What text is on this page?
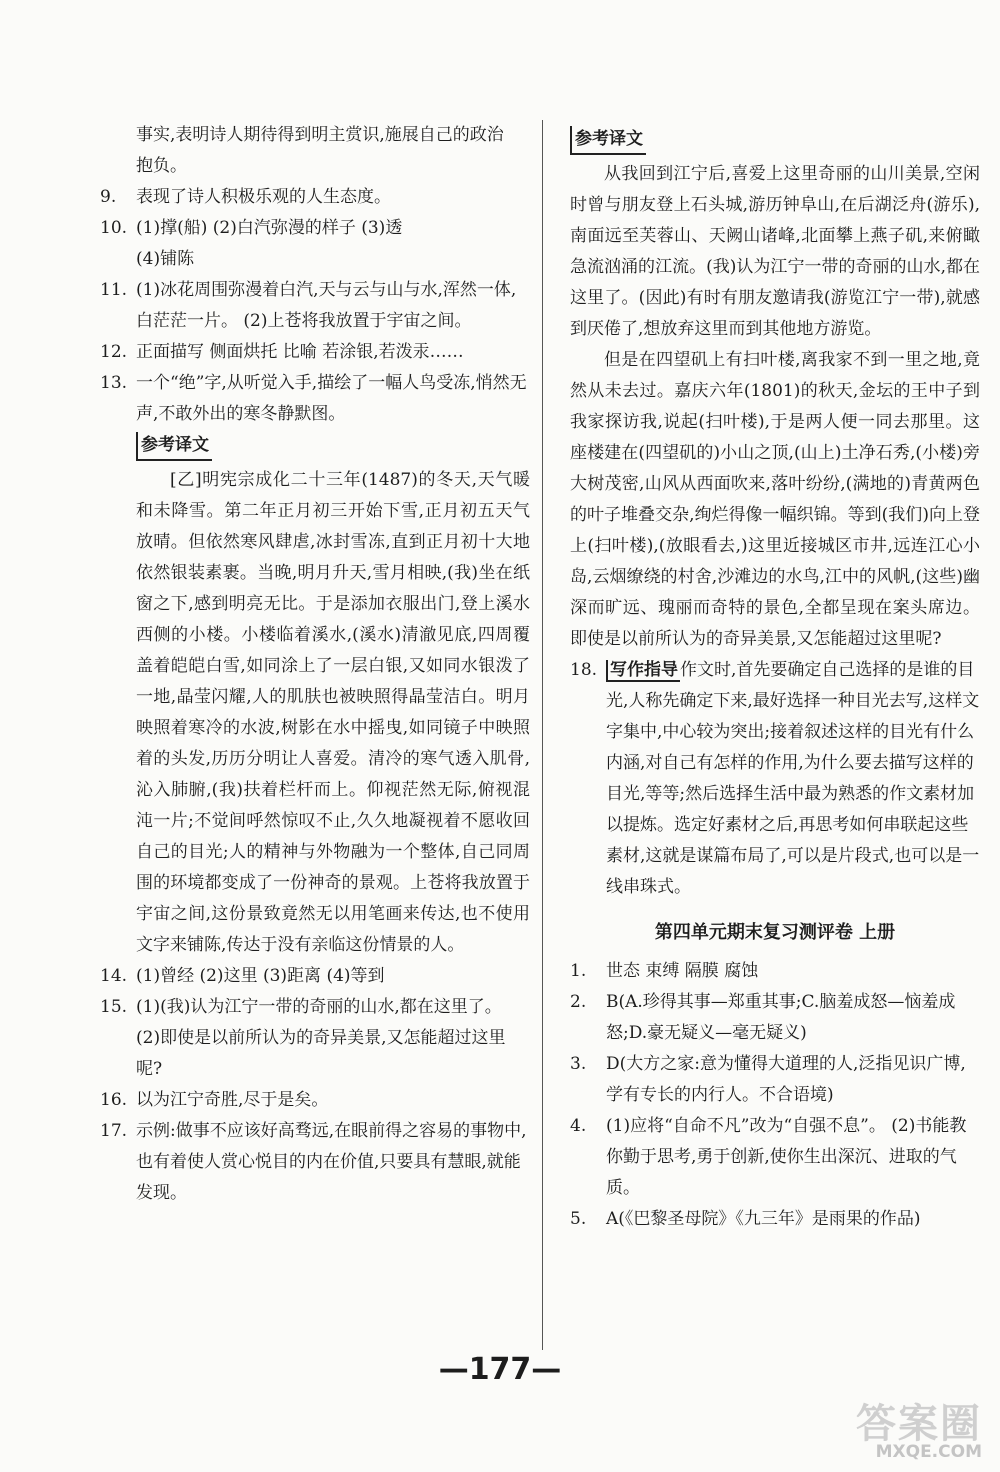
事实,表明诗人期待得到明主赏识,施展自己的政治

抱负。

9. 表现了诗人积极乐观的人生态度。
10. (1)撑(船) (2)白汽弥漫的样子 (3)透
(4)铺陈
11. (1)冰花周围弥漫着白汽,天与云与山与水,浑然一体,白茫茫一片。 (2)上苍将我放置于宇宙之间。
12. 正面描写 侧面烘托 比喻 若涂银,若泼汞……
13. 一个“绝”字,从听觉入手,描绘了一幅人鸟受冻,悄然无声,不敢外出的寒冬静默图。
参考译文

[乙]明宪宗成化二十三年(1487)的冬天,天气暖和未降雪。第二年正月初三开始下雪,正月初五天气放晴。但依然寒风肆虐,冰封雪冻,直到正月初十大地依然银装素裹。当晚,明月升天,雪月相映,(我)坐在纸窗之下,感到明亮无比。于是添加衣服出门,登上溪水西侧的小楼。小楼临着溪水,(溪水)清澈见底,四周覆盖着皑皑白雪,如同涂上了一层白银,又如同水银泼了一地,晶莹闪耀,人的肌肤也被映照得晶莹洁白。明月映照着寒冷的水波,树影在水中摇曳,如同镜子中映照着的头发,历历分明让人喜爱。清冷的寒气透入肌骨,沁入肺腑,(我)扶着栏杆而上。仰视茫然无际,俯视混沌一片;不觉间呼然惊叹不止,久久地凝视着不愿收回自己的目光;人的精神与外物融为一个整体,自己同周围的环境都变成了一份神奇的景观。上苍将我放置于宇宙之间,这份景致竟然无以用笔画来传达,也不使用文字来铺陈,传达于没有亲临这份情景的人。

14. (1)曾经 (2)这里 (3)距离 (4)等到
15. (1)(我)认为江宁一带的奇丽的山水,都在这里了。
(2)即使是以前所认为的奇异美景,又怎能超过这里呢?
16. 以为江宁奇胜,尽于是矣。
17. 示例:做事不应该好高骛远,在眼前得之容易的事物中,也有着使人赏心悦目的内在价值,只要具有慧眼,就能发现。
参考译文

从我回到江宁后,喜爱上这里奇丽的山川美景,空闲时曾与朋友登上石头城,游历钟阜山,在后湖泛舟(游乐),南面远至芙蓉山、天阙山诸峰,北面攀上燕子矶,来俯瞰急流汹涌的江流。(我)认为江宁一带的奇丽的山水,都在这里了。(因此)有时有朋友邀请我(游览江宁一带),就感到厌倦了,想放弃这里而到其他地方游览。

但是在四望矶上有扫叶楼,离我家不到一里之地,竟然从未去过。嘉庆六年(1801)的秋天,金坛的王中子到我家探访我,说起(扫叶楼),于是两人便一同去那里。这座楼建在(四望矶的)小山之顶,(山上)土净石秀,(小楼)旁大树茂密,山风从西面吹来,落叶纷纷,(满地的)青黄两色的叶子堆叠交杂,绚烂得像一幅织锦。等到(我们)向上登上(扫叶楼),(放眼看去,)这里近接城区市井,远连江心小岛,云烟缭绕的村舍,沙滩边的水鸟,江中的风帆,(这些)幽深而旷远、瑰丽而奇特的景色,全都呈现在案头席边。即使是以前所认为的奇异美景,又怎能超过这里呢?

18. 写作指导 作文时,首先要确定自己选择的是谁的目光,人称先确定下来,最好选择一种目光去写,这样文字集中,中心较为突出;接着叙述这样的目光有什么内涵,对自己有怎样的作用,为什么要去描写这样的目光,等等;然后选择生活中最为熟悉的作文素材加以提炼。选定好素材之后,再思考如何串联起这些素材,这就是谋篇布局了,可以是片段式,也可以是一线串珠式。
第四单元期末复习测评卷 上册
1. 世态 束缚 隔膜 腐蚀
2. B(A.珍得其事—郑重其事;C.脑羞成怒—恼羞成怒;D.豪无疑义—毫无疑义)
3. D(大方之家:意为懂得大道理的人,泛指见识广博,学有专长的内行人。不合语境)
4. (1)应将“自命不凡”改为“自强不息”。 (2)书能教你勤于思考,勇于创新,使你生出深沉、进取的气质。
5. A(《巴黎圣母院》《九三年》是雨果的作品)
—177—
答案圈
MXQE.COM
